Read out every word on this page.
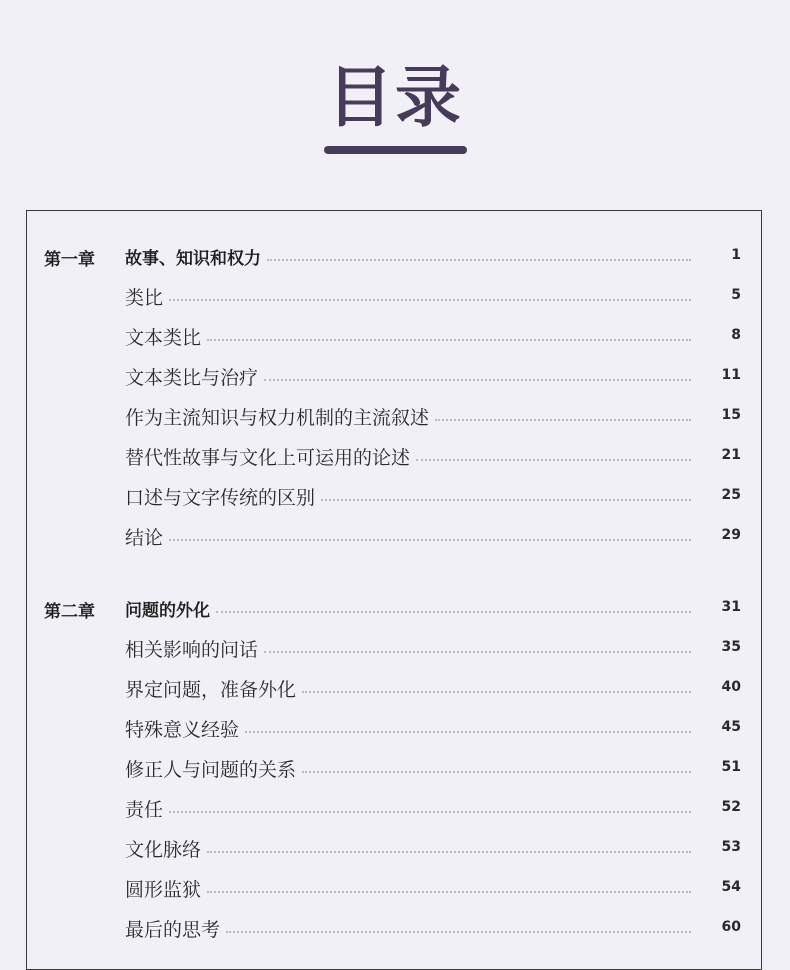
目录
第一章 故事、知识和权力	1
类比	5
文本类比	8
文本类比与治疗	11
作为主流知识与权力机制的主流叙述	15
替代性故事与文化上可运用的论述	21
口述与文字传统的区别	25
结论	29
第二章 问题的外化	31
相关影响的问话	35
界定问题，准备外化	40
特殊意义经验	45
修正人与问题的关系	51
责任	52
文化脉络	53
圆形监狱	54
最后的思考	60
